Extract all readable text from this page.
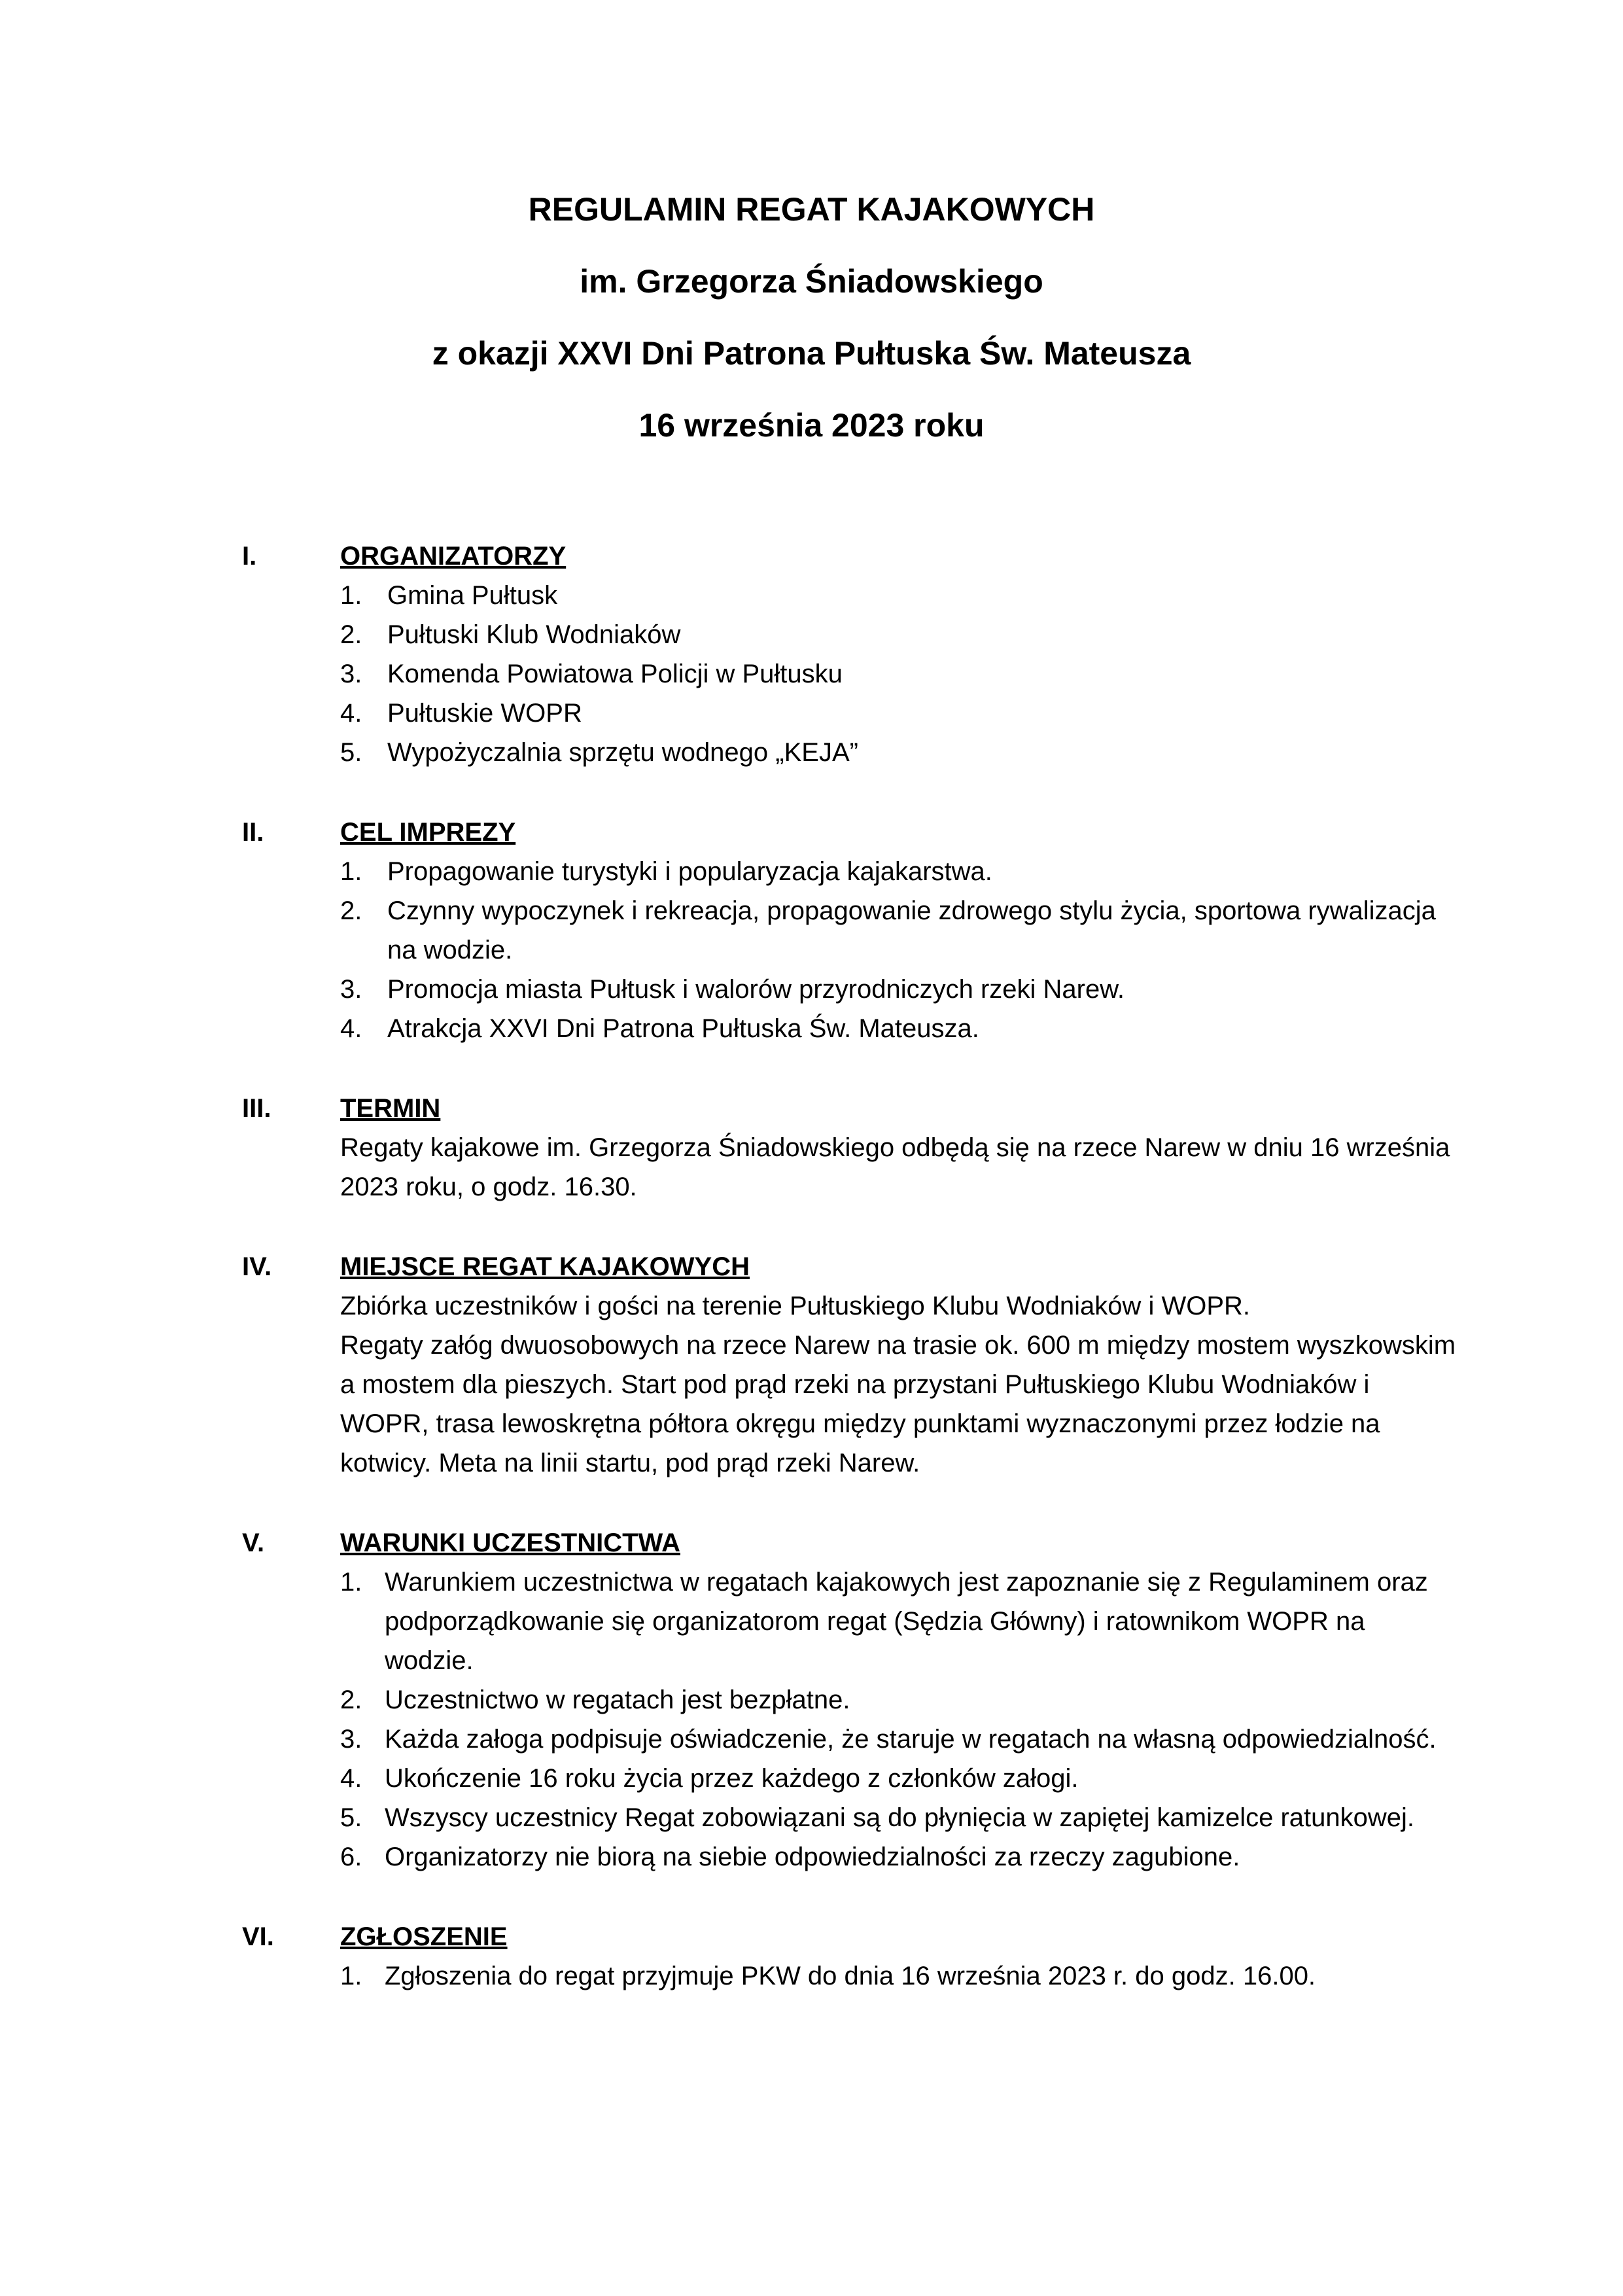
REGULAMIN REGAT KAJAKOWYCH
im. Grzegorza Śniadowskiego
z okazji XXVI Dni Patrona Pułtuska Św. Mateusza
16 września 2023 roku
I.	ORGANIZATORZY
1. Gmina Pułtusk
2. Pułtuski Klub Wodniaków
3. Komenda Powiatowa Policji w Pułtusku
4. Pułtuskie WOPR
5. Wypożyczalnia sprzętu wodnego „KEJA”
II.	CEL IMPREZY
1. Propagowanie turystyki i popularyzacja kajakarstwa.
2. Czynny wypoczynek i rekreacja, propagowanie zdrowego stylu życia, sportowa rywalizacja na wodzie.
3. Promocja miasta Pułtusk i walorów przyrodniczych rzeki Narew.
4. Atrakcja XXVI Dni Patrona Pułtuska Św. Mateusza.
III.	TERMIN
Regaty kajakowe im. Grzegorza Śniadowskiego odbędą się na rzece Narew w dniu 16 września 2023 roku, o godz. 16.30.
IV.	MIEJSCE REGAT KAJAKOWYCH
Zbiórka uczestników i gości na terenie Pułtuskiego Klubu Wodniaków i WOPR.
Regaty załóg dwuosobowych na rzece Narew na trasie ok. 600 m między mostem wyszkowskim a mostem dla pieszych. Start pod prąd rzeki na przystani Pułtuskiego Klubu Wodniaków i WOPR, trasa lewoskrętna półtora okręgu między punktami wyznaczonymi przez łodzie na kotwicy. Meta na linii startu, pod prąd rzeki Narew.
V.	WARUNKI UCZESTNICTWA
1. Warunkiem uczestnictwa w regatach kajakowych jest zapoznanie się z Regulaminem oraz podporządkowanie się organizatorom regat (Sędzia Główny) i ratownikom WOPR na wodzie.
2. Uczestnictwo w regatach jest bezpłatne.
3. Każda załoga podpisuje oświadczenie, że staruje w regatach na własną odpowiedzialność.
4. Ukończenie 16 roku życia przez każdego z członków załogi.
5. Wszyscy uczestnicy Regat zobowiązani są do płynięcia w zapiętej kamizelce ratunkowej.
6. Organizatorzy nie biorą na siebie odpowiedzialności za rzeczy zagubione.
VI.	ZGŁOSZENIE
1. Zgłoszenia do regat przyjmuje PKW do dnia 16 września 2023 r. do godz. 16.00.
